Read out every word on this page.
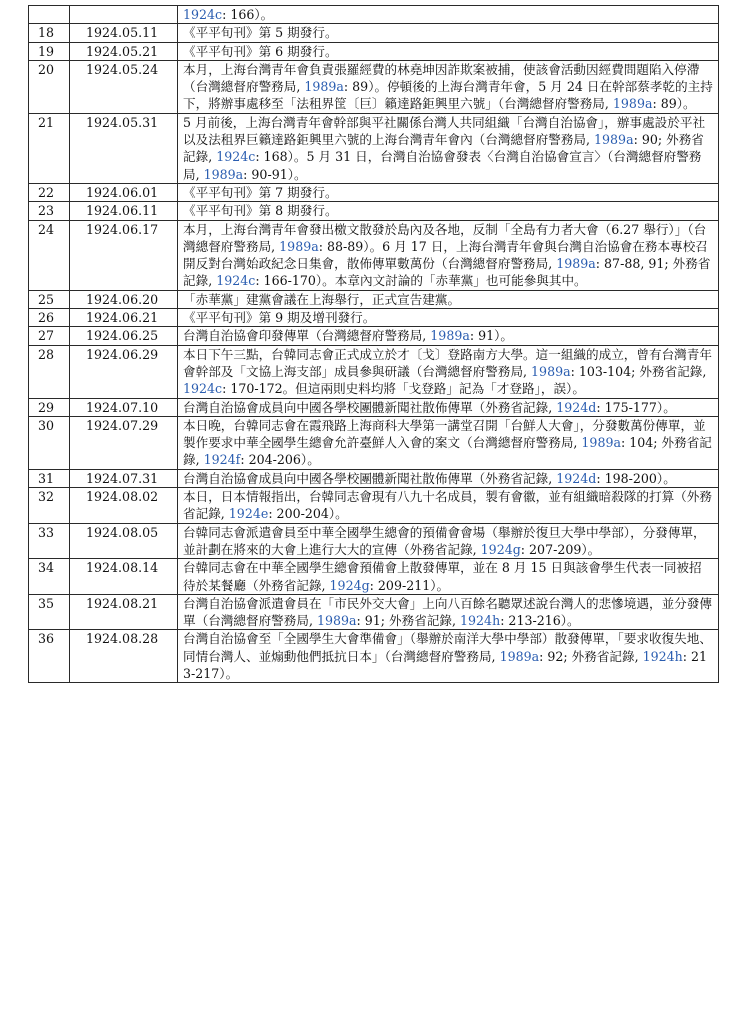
		1924c: 166）。
18	1924.05.11	《平平旬刊》第 5 期發行。
19	1924.05.21	《平平旬刊》第 6 期發行。
20	1924.05.24	本月，上海台灣青年會負責張羅經費的林堯坤因詐欺案被捕，使該會活動因經費問題陷入停滯（台灣總督府警務局, 1989a: 89）。停頓後的上海台灣青年會，5 月 24 日在幹部蔡孝乾的主持下，將辦事處移至「法租界筐〔巨〕籟達路鉅興里六號」（台灣總督府警務局, 1989a: 89）。
21	1924.05.31	5 月前後，上海台灣青年會幹部與平社關係台灣人共同組織「台灣自治協會」，辦事處設於平社以及法租界巨籟達路鉅興里六號的上海台灣青年會內（台灣總督府警務局, 1989a: 90; 外務省記錄, 1924c: 168）。5 月 31 日，台灣自治協會發表〈台灣自治協會宣言〉（台灣總督府警務局, 1989a: 90-91）。
22	1924.06.01	《平平旬刊》第 7 期發行。
23	1924.06.11	《平平旬刊》第 8 期發行。
24	1924.06.17	本月，上海台灣青年會發出檄文散發於島內及各地，反制「全島有力者大會（6.27 舉行）」（台灣總督府警務局, 1989a: 88-89）。6 月 17 日，上海台灣青年會與台灣自治協會在務本專校召開反對台灣始政紀念日集會，散佈傳單數萬份（台灣總督府警務局, 1989a: 87-88, 91; 外務省記錄, 1924c: 166-170）。本章內文討論的「赤華黨」也可能參與其中。
25	1924.06.20	「赤華黨」建黨會議在上海舉行，正式宣告建黨。
26	1924.06.21	《平平旬刊》第 9 期及增刊發行。
27	1924.06.25	台灣自治協會印發傳單（台灣總督府警務局, 1989a: 91）。
28	1924.06.29	本日下午三點，台韓同志會正式成立於才〔戈〕登路南方大學。這一組織的成立，曾有台灣青年會幹部及「文協上海支部」成員參與研議（台灣總督府警務局, 1989a: 103-104; 外務省記錄, 1924c: 170-172。但這兩則史料均將「戈登路」記為「才登路」，誤）。
29	1924.07.10	台灣自治協會成員向中國各學校團體新聞社散佈傳單（外務省記錄, 1924d: 175-177）。
30	1924.07.29	本日晚，台韓同志會在霞飛路上海商科大學第一講堂召開「台鮮人大會」，分發數萬份傳單，並製作要求中華全國學生總會允許臺鮮人入會的案文（台灣總督府警務局, 1989a: 104; 外務省記錄, 1924f: 204-206）。
31	1924.07.31	台灣自治協會成員向中國各學校團體新聞社散佈傳單（外務省記錄, 1924d: 198-200）。
32	1924.08.02	本日，日本情報指出，台韓同志會現有八九十名成員，製有會徽，並有組織暗殺隊的打算（外務省記錄, 1924e: 200-204）。
33	1924.08.05	台韓同志會派遣會員至中華全國學生總會的預備會會場（舉辦於復旦大學中學部），分發傳單，並計劃在將來的大會上進行大大的宣傳（外務省記錄, 1924g: 207-209）。
34	1924.08.14	台韓同志會在中華全國學生總會預備會上散發傳單，並在 8 月 15 日與該會學生代表一同被招待於某餐廳（外務省記錄, 1924g: 209-211）。
35	1924.08.21	台灣自治協會派遣會員在「市民外交大會」上向八百餘名聽眾述說台灣人的悲慘境遇，並分發傳單（台灣總督府警務局, 1989a: 91; 外務省記錄, 1924h: 213-216）。
36	1924.08.28	台灣自治協會至「全國學生大會準備會」（舉辦於南洋大學中學部）散發傳單，「要求收復失地、同情台灣人、並煽動他們抵抗日本」（台灣總督府警務局, 1989a: 92; 外務省記錄, 1924h: 213-217）。
